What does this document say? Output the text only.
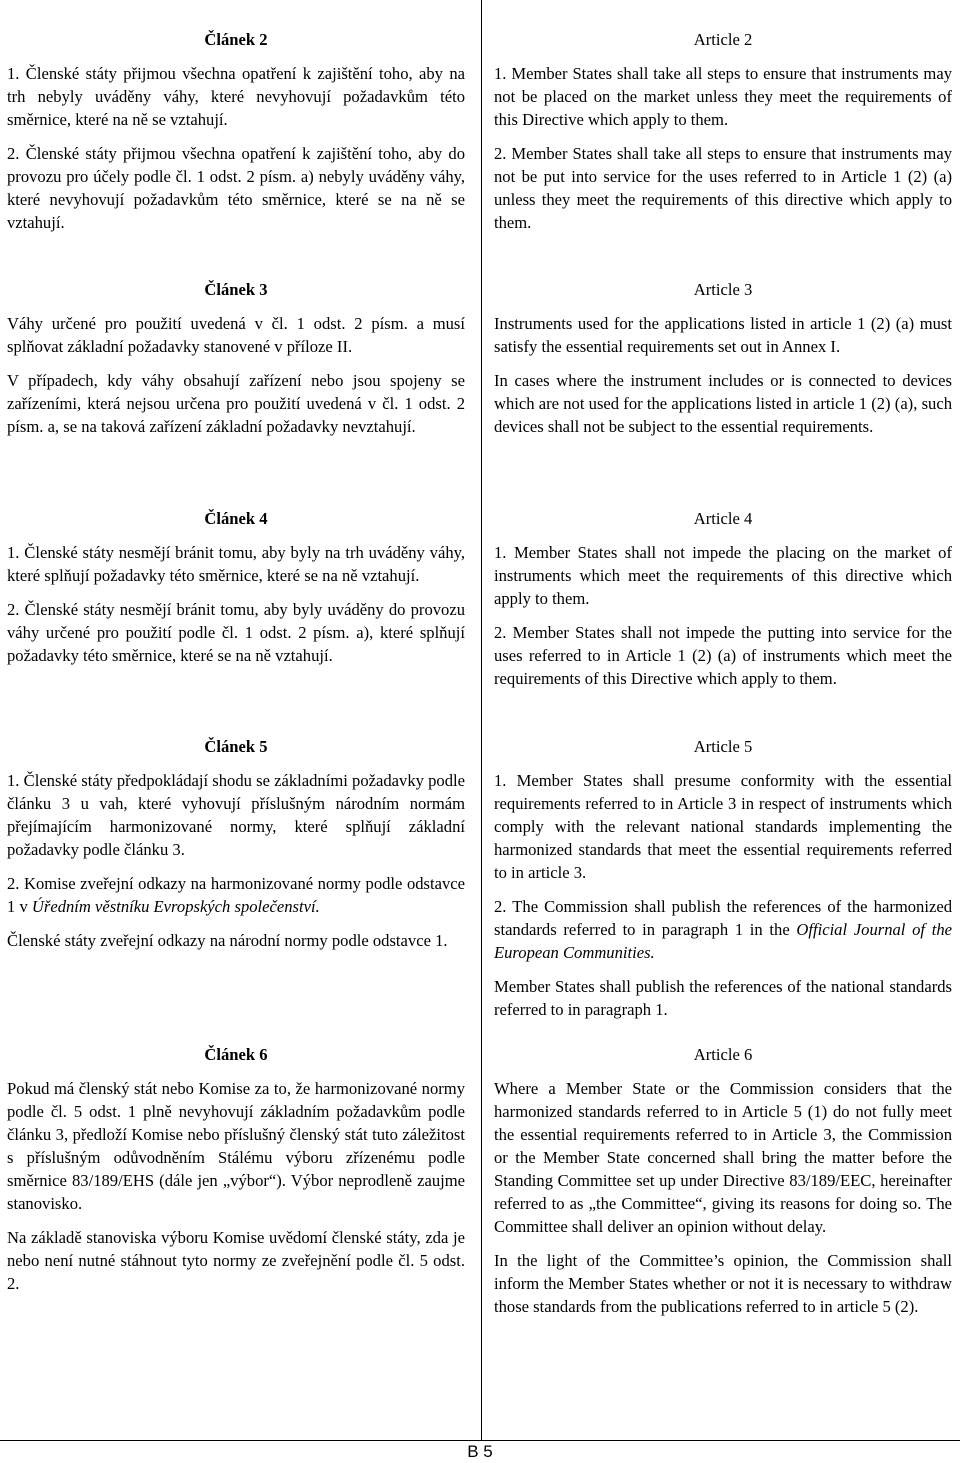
Článek 2

1. Členské státy přijmou všechna opatření k zajištění toho, aby na trh nebyly uváděny váhy, které nevyhovují požadavkům této směrnice, které na ně se vztahují.

2. Členské státy přijmou všechna opatření k zajištění toho, aby do provozu pro účely podle čl. 1 odst. 2 písm. a) nebyly uváděny váhy, které nevyhovují požadavkům této směrnice, které se na ně se vztahují.

Článek 3

Váhy určené pro použití uvedená v čl. 1 odst. 2 písm. a musí splňovat základní požadavky stanovené v příloze II.

V případech, kdy váhy obsahují zařízení nebo jsou spojeny se zařízeními, která nejsou určena pro použití uvedená v čl. 1 odst. 2 písm. a, se na taková zařízení základní požadavky nevztahují.

Článek 4

1. Členské státy nesmějí bránit tomu, aby byly na trh uváděny váhy, které splňují požadavky této směrnice, které se na ně vztahují.

2. Členské státy nesmějí bránit tomu, aby byly uváděny do provozu váhy určené pro použití podle čl. 1 odst. 2 písm. a), které splňují požadavky této směrnice, které se na ně vztahují.

Článek 5

1. Členské státy předpokládají shodu se základními požadavky podle článku 3 u vah, které vyhovují příslušným národním normám přejímajícím harmonizované normy, které splňují základní požadavky podle článku 3.

2. Komise zveřejní odkazy na harmonizované normy podle odstavce 1 v Úředním věstníku Evropských společenství.

Členské státy zveřejní odkazy na národní normy podle odstavce 1.

Článek 6

Pokud má členský stát nebo Komise za to, že harmonizované normy podle čl. 5 odst. 1 plně nevyhovují základním požadavkům podle článku 3, předloží Komise nebo příslušný členský stát tuto záležitost s příslušným odůvodněním Stálému výboru zřízenému podle směrnice 83/189/EHS (dále jen „výbor“). Výbor neprodleně zaujme stanovisko.

Na základě stanoviska výboru Komise uvědomí členské státy, zda je nebo není nutné stáhnout tyto normy ze zveřejnění podle čl. 5 odst. 2.

Article 2

1. Member States shall take all steps to ensure that instruments may not be placed on the market unless they meet the requirements of this Directive which apply to them.

2. Member States shall take all steps to ensure that instruments may not be put into service for the uses referred to in Article 1 (2) (a) unless they meet the requirements of this directive which apply to them.

Article 3

Instruments used for the applications listed in article 1 (2) (a) must satisfy the essential requirements set out in Annex I.

In cases where the instrument includes or is connected to devices which are not used for the applications listed in article 1 (2) (a), such devices shall not be subject to the essential requirements.

Article 4

1. Member States shall not impede the placing on the market of instruments which meet the requirements of this directive which apply to them.

2. Member States shall not impede the putting into service for the uses referred to in Article 1 (2) (a) of instruments which meet the requirements of this Directive which apply to them.

Article 5

1. Member States shall presume conformity with the essential requirements referred to in Article 3 in respect of instruments which comply with the relevant national standards implementing the harmonized standards that meet the essential requirements referred to in article 3.

2. The Commission shall publish the references of the harmonized standards referred to in paragraph 1 in the Official Journal of the European Communities.

Member States shall publish the references of the national standards referred to in paragraph 1.

Article 6

Where a Member State or the Commission considers that the harmonized standards referred to in Article 5 (1) do not fully meet the essential requirements referred to in Article 3, the Commission or the Member State concerned shall bring the matter before the Standing Committee set up under Directive 83/189/EEC, hereinafter referred to as „the Committee“, giving its reasons for doing so. The Committee shall deliver an opinion without delay.

In the light of the Committee’s opinion, the Commission shall inform the Member States whether or not it is necessary to withdraw those standards from the publications referred to in article 5 (2).

B 5
